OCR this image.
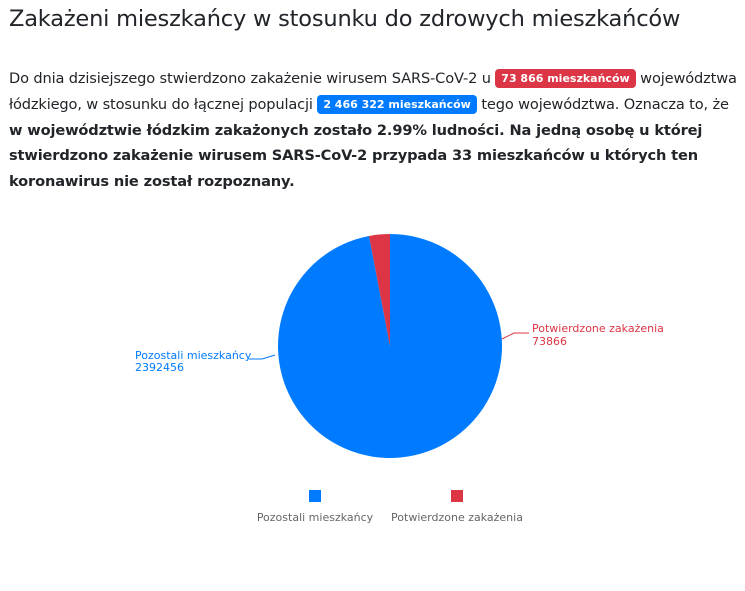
Zakażeni mieszkańcy w stosunku do zdrowych mieszkańców
Do dnia dzisiejszego stwierdzono zakażenie wirusem SARS-CoV-2 u 73 866 mieszkańców województwa łódzkiego, w stosunku do łącznej populacji 2 466 322 mieszkańców tego województwa. Oznacza to, że w województwie łódzkim zakażonych zostało 2.99% ludności. Na jedną osobę u której stwierdzono zakażenie wirusem SARS-CoV-2 przypada 33 mieszkańców u których ten koronawirus nie został rozpoznany.
Pozostali mieszkańcy
2392456
Potwierdzone zakażenia
73866
Pozostali mieszkańcy Potwierdzone zakażenia
